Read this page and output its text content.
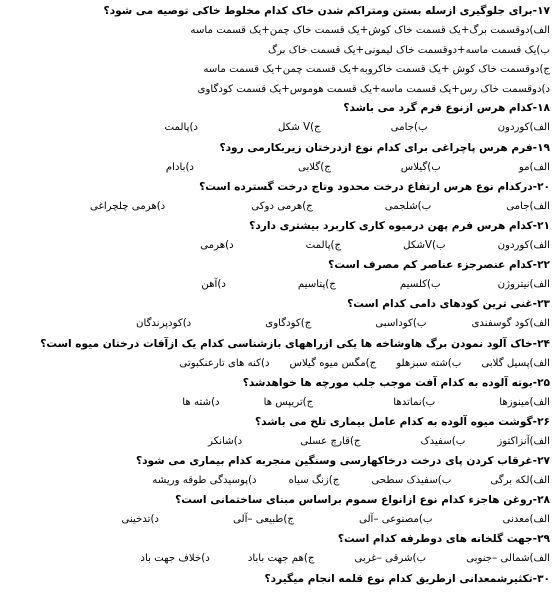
۱۷-برای جلوگیری ازسله بستن ومتراکم شدن خاک کدام مخلوط خاکی توصیه می شود؟
الف)دوقسمت برگ+یک قسمت خاک کوش+یک قسمت خاک چمن+یک قسمت ماسه
ب)یک قسمت ماسه+دوقسمت خاک لیمونی+یک قسمت خاک برگ
ج)دوقسمت خاک کوش +یک قسمت خاکروبه+یک قسمت چمن+یک قسمت ماسه
د)دوقسمت خاک رس+یک قسمت ماسه+یک قسمت هوموس+یک قسمت کودگاوی
۱۸-کدام هرس ازنوع فرم گرد می باشد؟
الف)کوردون
ب)جامی
ج)V شکل
د)پالمت
۱۹-فرم هرس پاچراغی برای کدام نوع ازدرختان زیربکارمی رود؟
الف)مو
ب)گیلاس
ج)گلابی
د)بادام
۲۰-درکدام نوع هرس ارتفاع درخت محدود وتاج درخت گسترده است؟
الف)جامی
ب)شلجمی
ج)هرمی دوکی
د)هرمی چلچراغی
۲۱-کدام هرس فرم پهن درمیوه کاری کاربرد بیشتری دارد؟
الف)کوردون
ب)Vشکل
ج)پالمت
د)هرمی
۲۲-کدام عنصرجزء عناصر کم مصرف است؟
الف)نیتروژن
ب)کلسیم
ج)پتاسیم
د)آهن
۲۳-غنی ترین کودهای دامی کدام است؟
الف)کود گوسفندی
ب)کوداسبی
ج)کودگاوی
د)کودپرندگان
۲۴-خاک آلود نمودن برگ هاوشاخه ها یکی ازراههای بازشناسی کدام یک ازآفات درختان میوه است؟
الف)پسیل گلابی
ب)شته سبزهلو
ج)مگس میوه گیلاس
د)کنه های تارعنکبوتی
۲۵-بوته آلوده به کدام آفت موجب جلب مورچه ها خواهدشد؟
الف)مینوزها
ب)نماتدها
ج)تریپس ها
د)شته ها
۲۶-گوشت میوه آلوده به کدام عامل بیماری تلخ می باشد؟
الف)آنزاکتوز
ب)سفیدک
ج)قارچ عسلی
د)شانکر
۲۷-غرقاب کردن پای درخت درخاکهارسی وسنگین منجربه کدام بیماری می شود؟
الف)لکه برگی
ب)سفیدک سطحی
ج)زنگ سیاه
د)پوسیدگی طوقه وریشه
۲۸-روغن هاجزء کدام نوع ازانواع سموم براساس مبنای ساختمانی است؟
الف)معدنی
ب)مصنوعی –آلی
ج)طبیعی –آلی
د)تدخینی
۲۹-جهت گلخانه های دوطرفه کدام است؟
الف)شمالی –جنوبی
ب)شرقی –غربی
ج)هم جهت باباد
د)خلاف جهت باد
۳۰-تکثیرشمعدانی ازطریق کدام نوع قلمه انجام میگیرد؟
